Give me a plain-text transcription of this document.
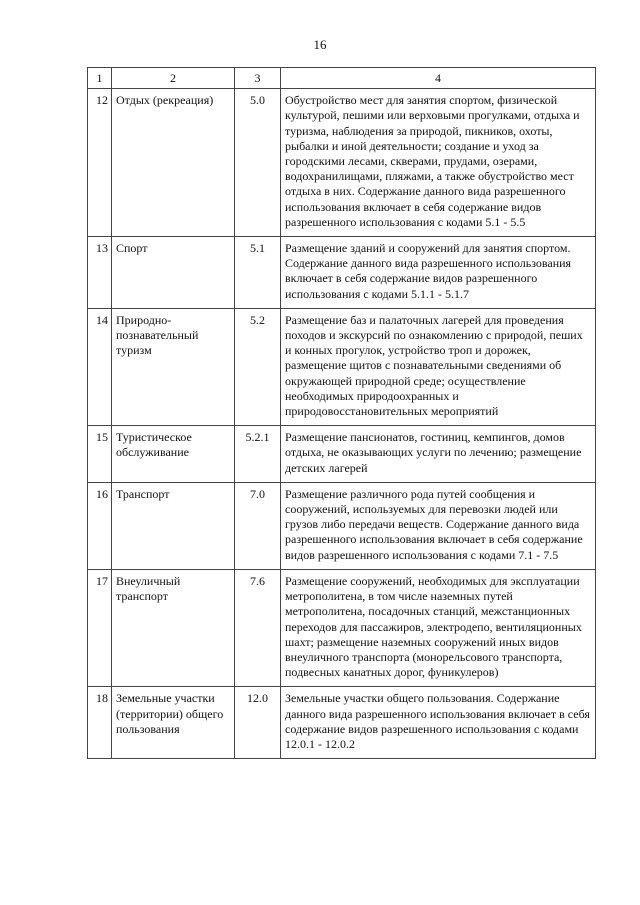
16
1	2	3	4
12	Отдых (рекреация)	5.0	Обустройство мест для занятия спортом, физической культурой, пешими или верховыми прогулками, отдыха и туризма, наблюдения за природой, пикников, охоты, рыбалки и иной деятельности; создание и уход за городскими лесами, скверами, прудами, озерами, водохранилищами, пляжами, а также обустройство мест отдыха в них. Содержание данного вида разрешенного использования включает в себя содержание видов разрешенного использования с кодами 5.1 - 5.5
13	Спорт	5.1	Размещение зданий и сооружений для занятия спортом. Содержание данного вида разрешенного использования включает в себя содержание видов разрешенного использования с кодами 5.1.1 - 5.1.7
14	Природно-познавательный туризм	5.2	Размещение баз и палаточных лагерей для проведения походов и экскурсий по ознакомлению с природой, пеших и конных прогулок, устройство троп и дорожек, размещение щитов с познавательными сведениями об окружающей природной среде; осуществление необходимых природоохранных и природовосстановительных мероприятий
15	Туристическое обслуживание	5.2.1	Размещение пансионатов, гостиниц, кемпингов, домов отдыха, не оказывающих услуги по лечению; размещение детских лагерей
16	Транспорт	7.0	Размещение различного рода путей сообщения и сооружений, используемых для перевозки людей или грузов либо передачи веществ. Содержание данного вида разрешенного использования включает в себя содержание видов разрешенного использования с кодами 7.1 - 7.5
17	Внеуличный транспорт	7.6	Размещение сооружений, необходимых для эксплуатации метрополитена, в том числе наземных путей метрополитена, посадочных станций, межстанционных переходов для пассажиров, электродепо, вентиляционных шахт; размещение наземных сооружений иных видов внеуличного транспорта (монорельсового транспорта, подвесных канатных дорог, фуникулеров)
18	Земельные участки (территории) общего пользования	12.0	Земельные участки общего пользования. Содержание данного вида разрешенного использования включает в себя содержание видов разрешенного использования с кодами 12.0.1 - 12.0.2
